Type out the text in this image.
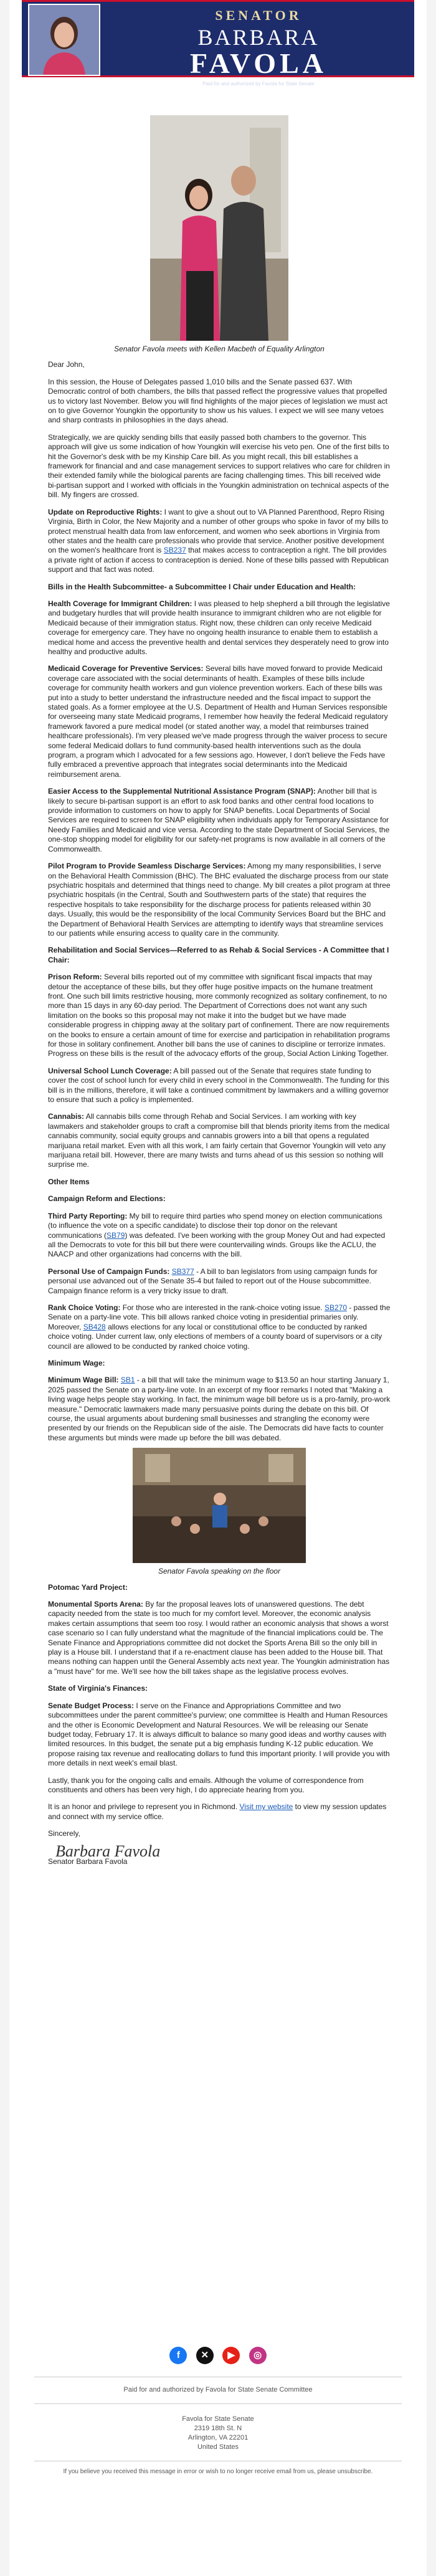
SENATOR
BARBARA
FAVOLA
Paid for and authorized by Favola for State Senate
Senator Favola meets with Kellen Macbeth of Equality Arlington

Dear John,

In this session, the House of Delegates passed 1,010 bills and the Senate passed 637. With Democratic control of both chambers, the bills that passed reflect the progressive values that propelled us to victory last November. Below you will find highlights of the major pieces of legislation we must act on to give Governor Youngkin the opportunity to show us his values. I expect we will see many vetoes and sharp contrasts in philosophies in the days ahead.

Strategically, we are quickly sending bills that easily passed both chambers to the governor. This approach will give us some indication of how Youngkin will exercise his veto pen. One of the first bills to hit the Governor's desk with be my Kinship Care bill. As you might recall, this bill establishes a framework for financial and and case management services to support relatives who care for children in their extended family while the biological parents are facing challenging times. This bill received wide bi-partisan support and I worked with officials in the Youngkin administration on technical aspects of the bill. My fingers are crossed.

Update on Reproductive Rights: I want to give a shout out to VA Planned Parenthood, Repro Rising Virginia, Birth in Color, the New Majority and a number of other groups who spoke in favor of my bills to protect menstrual health data from law enforcement, and women who seek abortions in Virginia from other states and the health care professionals who provide that service. Another positive development on the women's healthcare front is SB237 that makes access to contraception a right. The bill provides a private right of action if access to contraception is denied. None of these bills passed with Republican support and that fact was noted.

Bills in the Health Subcommittee- a Subcommittee I Chair under Education and Health:

Health Coverage for Immigrant Children: I was pleased to help shepherd a bill through the legislative and budgetary hurdles that will provide health insurance to immigrant children who are not eligible for Medicaid because of their immigration status. Right now, these children can only receive Medicaid coverage for emergency care. They have no ongoing health insurance to enable them to establish a medical home and access the preventive health and dental services they desperately need to grow into healthy and productive adults.

Medicaid Coverage for Preventive Services: Several bills have moved forward to provide Medicaid coverage care associated with the social determinants of health. Examples of these bills include coverage for community health workers and gun violence prevention workers. Each of these bills was put into a study to better understand the infrastructure needed and the fiscal impact to support the stated goals. As a former employee at the U.S. Department of Health and Human Services responsible for overseeing many state Medicaid programs, I remember how heavily the federal Medicaid regulatory framework favored a pure medical model (or stated another way, a model that reimburses trained healthcare professionals). I'm very pleased we've made progress through the waiver process to secure some federal Medicaid dollars to fund community-based health interventions such as the doula program, a program which I advocated for a few sessions ago. However, I don't believe the Feds have fully embraced a preventive approach that integrates social determinants into the Medicaid reimbursement arena.

Easier Access to the Supplemental Nutritional Assistance Program (SNAP): Another bill that is likely to secure bi-partisan support is an effort to ask food banks and other central food locations to provide information to customers on how to apply for SNAP benefits. Local Departments of Social Services are required to screen for SNAP eligibility when individuals apply for Temporary Assistance for Needy Families and Medicaid and vice versa. According to the state Department of Social Services, the one-stop shopping model for eligibility for our safety-net programs is now available in all corners of the Commonwealth.

Pilot Program to Provide Seamless Discharge Services: Among my many responsibilities, I serve on the Behavioral Health Commission (BHC). The BHC evaluated the discharge process from our state psychiatric hospitals and determined that things need to change. My bill creates a pilot program at three psychiatric hospitals (in the Central, South and Southwestern parts of the state) that requires the respective hospitals to take responsibility for the discharge process for patients released within 30 days. Usually, this would be the responsibility of the local Community Services Board but the BHC and the Department of Behavioral Health Services are attempting to identify ways that streamline services to our patients while ensuring access to quality care in the community.

Rehabilitation and Social Services—Referred to as Rehab & Social Services - A Committee that I Chair:

Prison Reform: Several bills reported out of my committee with significant fiscal impacts that may detour the acceptance of these bills, but they offer huge positive impacts on the humane treatment front. One such bill limits restrictive housing, more commonly recognized as solitary confinement, to no more than 15 days in any 60-day period. The Department of Corrections does not want any such limitation on the books so this proposal may not make it into the budget but we have made considerable progress in chipping away at the solitary part of confinement. There are now requirements on the books to ensure a certain amount of time for exercise and participation in rehabilitation programs for those in solitary confinement. Another bill bans the use of canines to discipline or terrorize inmates. Progress on these bills is the result of the advocacy efforts of the group, Social Action Linking Together.

Universal School Lunch Coverage: A bill passed out of the Senate that requires state funding to cover the cost of school lunch for every child in every school in the Commonwealth. The funding for this bill is in the millions, therefore, it will take a continued commitment by lawmakers and a willing governor to ensure that such a policy is implemented.

Cannabis: All cannabis bills come through Rehab and Social Services. I am working with key lawmakers and stakeholder groups to craft a compromise bill that blends priority items from the medical cannabis community, social equity groups and cannabis growers into a bill that opens a regulated marijuana retail market. Even with all this work, I am fairly certain that Governor Youngkin will veto any marijuana retail bill. However, there are many twists and turns ahead of us this session so nothing will surprise me.

Other Items
Campaign Reform and Elections:

Third Party Reporting: My bill to require third parties who spend money on election communications (to influence the vote on a specific candidate) to disclose their top donor on the relevant communications (SB79) was defeated. I've been working with the group Money Out and had expected all the Democrats to vote for this bill but there were countervailing winds. Groups like the ACLU, the NAACP and other organizations had concerns with the bill.

Personal Use of Campaign Funds: SB377 - A bill to ban legislators from using campaign funds for personal use advanced out of the Senate 35-4 but failed to report out of the House subcommittee. Campaign finance reform is a very tricky issue to draft.

Rank Choice Voting: For those who are interested in the rank-choice voting issue. SB270 - passed the Senate on a party-line vote. This bill allows ranked choice voting in presidential primaries only. Moreover, SB428 allows elections for any local or constitutional office to be conducted by ranked choice voting. Under current law, only elections of members of a county board of supervisors or a city council are allowed to be conducted by ranked choice voting.

Minimum Wage:

Minimum Wage Bill: SB1 - a bill that will take the minimum wage to $13.50 an hour starting January 1, 2025 passed the Senate on a party-line vote. In an excerpt of my floor remarks I noted that "Making a living wage helps people stay working. In fact, the minimum wage bill before us is a pro-family, pro-work measure." Democratic lawmakers made many persuasive points during the debate on this bill. Of course, the usual arguments about burdening small businesses and strangling the economy were presented by our friends on the Republican side of the aisle. The Democrats did have facts to counter these arguments but minds were made up before the bill was debated.

Senator Favola speaking on the floor
Potomac Yard Project:

Monumental Sports Arena: By far the proposal leaves lots of unanswered questions. The debt capacity needed from the state is too much for my comfort level. Moreover, the economic analysis makes certain assumptions that seem too rosy. I would rather an economic analysis that shows a worst case scenario so I can fully understand what the magnitude of the financial implications could be. The Senate Finance and Appropriations committee did not docket the Sports Arena Bill so the only bill in play is a House bill. I understand that if a re-enactment clause has been added to the House bill. That means nothing can happen until the General Assembly acts next year. The Youngkin administration has a "must have" for me. We'll see how the bill takes shape as the legislative process evolves.

State of Virginia's Finances:

Senate Budget Process: I serve on the Finance and Appropriations Committee and two subcommittees under the parent committee's purview; one committee is Health and Human Resources and the other is Economic Development and Natural Resources. We will be releasing our Senate budget today, February 17. It is always difficult to balance so many good ideas and worthy causes with limited resources. In this budget, the senate put a big emphasis funding K-12 public education. We propose raising tax revenue and reallocating dollars to fund this important priority. I will provide you with more details in next week's email blast.

Lastly, thank you for the ongoing calls and emails. Although the volume of correspondence from constituents and others has been very high, I do appreciate hearing from you.

It is an honor and privilege to represent you in Richmond. Visit my website to view my session updates and connect with my service office.

Sincerely,

Barbara Favola

Senator Barbara Favola

f ✕ ▶ ◎
Paid for and authorized by Favola for State Senate Committee
Favola for State Senate
2319 18th St. N
Arlington, VA 22201
United States
If you believe you received this message in error or wish to no longer receive email from us, please unsubscribe.
